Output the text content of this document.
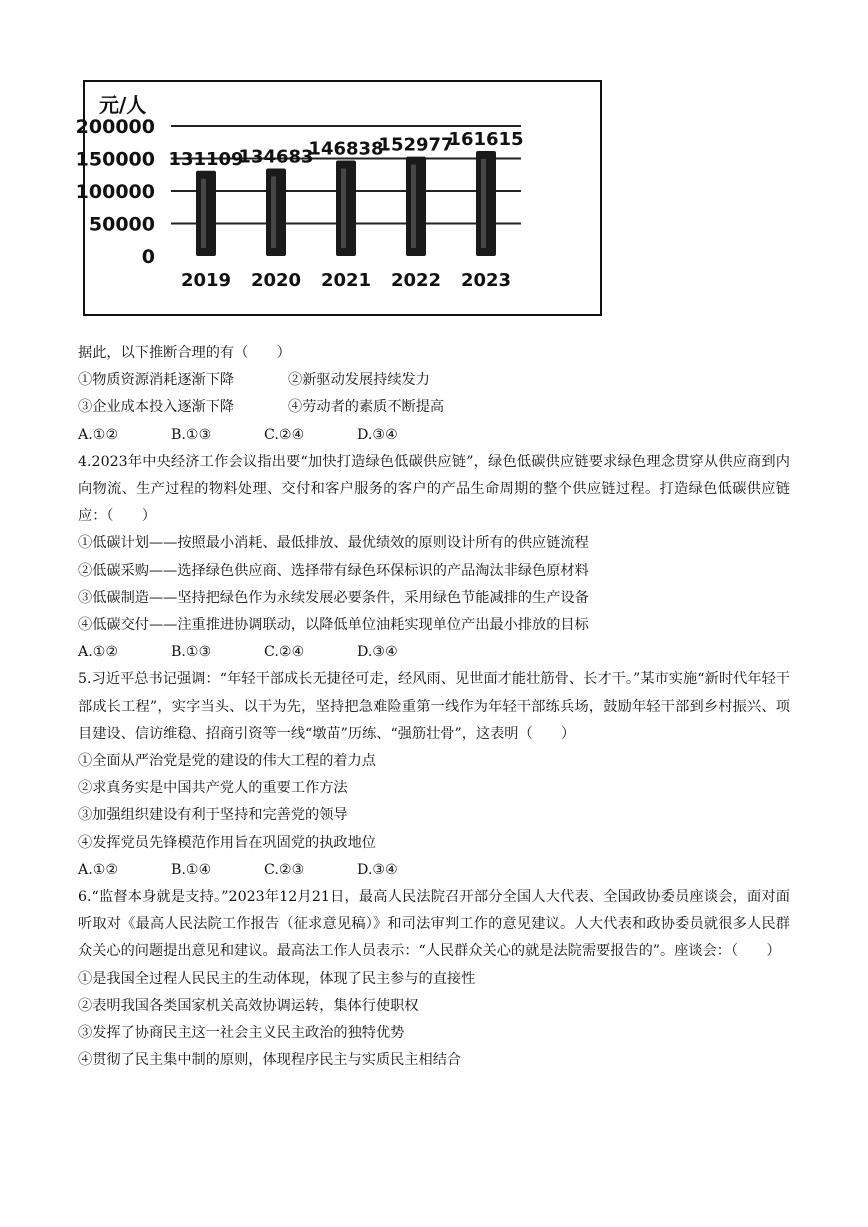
200000
150000
100000
50000
0
元/人
131109
2019
134683
2020
146838
2021
152977
2022
161615
2023
据此，以下推断合理的有（　　）
①物质资源消耗逐渐下降	②新驱动发展持续发力
③企业成本投入逐渐下降	④劳动者的素质不断提高
A.①②	B.①③	C.②④	D.③④
4.2023年中央经济工作会议指出要“加快打造绿色低碳供应链”，绿色低碳供应链要求绿色理念贯穿从供应商到内向物流、生产过程的物料处理、交付和客户服务的客户的产品生命周期的整个供应链过程。打造绿色低碳供应链应：（　　）
①低碳计划——按照最小消耗、最低排放、最优绩效的原则设计所有的供应链流程
②低碳采购——选择绿色供应商、选择带有绿色环保标识的产品淘汰非绿色原材料
③低碳制造——坚持把绿色作为永续发展必要条件，采用绿色节能减排的生产设备
④低碳交付——注重推进协调联动，以降低单位油耗实现单位产出最小排放的目标
A.①②	B.①③	C.②④	D.③④
5.习近平总书记强调：“年轻干部成长无捷径可走，经风雨、见世面才能壮筋骨、长才干。”某市实施“新时代年轻干部成长工程”，实字当头、以干为先，坚持把急难险重第一线作为年轻干部练兵场，鼓励年轻干部到乡村振兴、项目建设、信访维稳、招商引资等一线“墩苗”历练、“强筋壮骨”，这表明（　　）
①全面从严治党是党的建设的伟大工程的着力点
②求真务实是中国共产党人的重要工作方法
③加强组织建设有利于坚持和完善党的领导
④发挥党员先锋模范作用旨在巩固党的执政地位
A.①②	B.①④	C.②③	D.③④
6.“监督本身就是支持。”2023年12月21日，最高人民法院召开部分全国人大代表、全国政协委员座谈会，面对面听取对《最高人民法院工作报告（征求意见稿）》和司法审判工作的意见建议。人大代表和政协委员就很多人民群众关心的问题提出意见和建议。最高法工作人员表示：“人民群众关心的就是法院需要报告的”。座谈会：（　　）
①是我国全过程人民民主的生动体现，体现了民主参与的直接性
②表明我国各类国家机关高效协调运转，集体行使职权
③发挥了协商民主这一社会主义民主政治的独特优势
④贯彻了民主集中制的原则，体现程序民主与实质民主相结合
